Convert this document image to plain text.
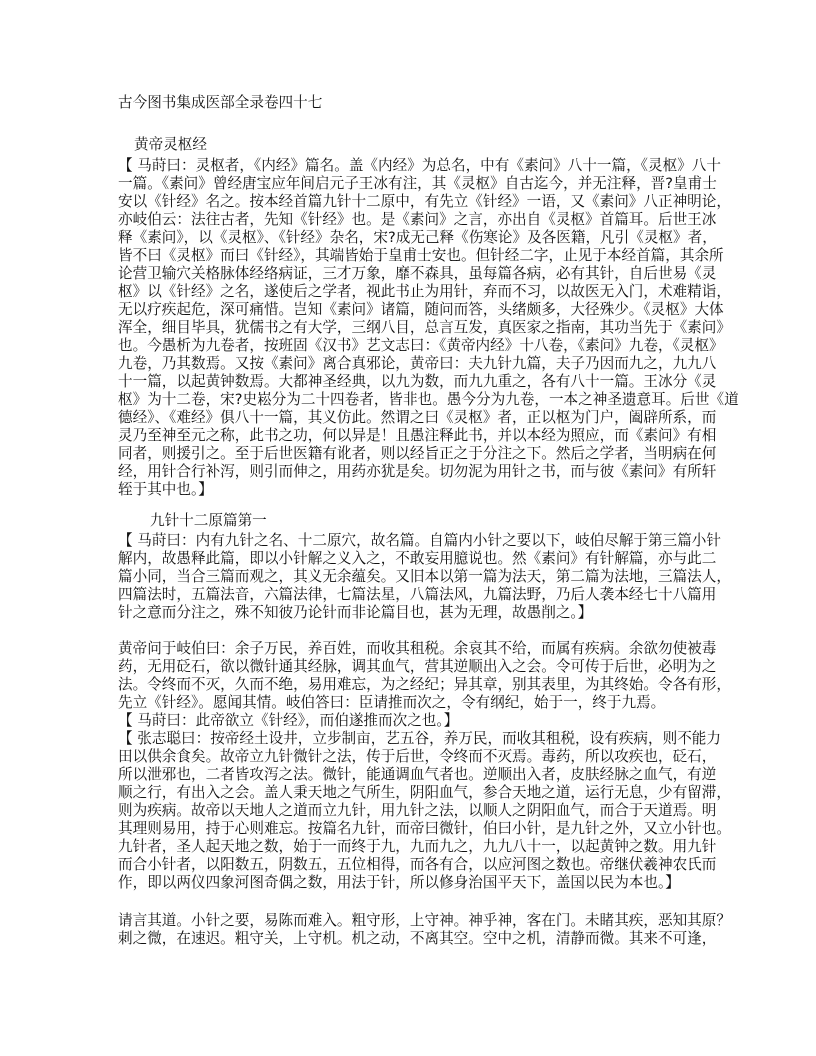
古今图书集成医部全录卷四十七
黄帝灵枢经
【 马莳曰：灵枢者，《内经》篇名。盖《内经》为总名，中有《素问》八十一篇，《灵枢》八十
一篇。《素问》曾经唐宝应年间启元子王冰有注，其《灵枢》自古迄今，并无注释，晋?皇甫士
安以《针经》名之。按本经首篇九针十二原中，有先立《针经》一语，又《素问》八正神明论，
亦岐伯云：法往古者，先知《针经》也。是《素问》之言，亦出自《灵枢》首篇耳。后世王冰
释《素问》，以《灵枢》、《针经》杂名，宋?成无己释《伤寒论》及各医籍，凡引《灵枢》者，
皆不曰《灵枢》而曰《针经》，其端皆始于皇甫士安也。但针经二字，止见于本经首篇，其余所
论营卫输穴关格脉体经络病证，三才万象，靡不森具，虽每篇各病，必有其针，自后世易《灵
枢》以《针经》之名，遂使后之学者，视此书止为用针，弃而不习，以故医无入门，术难精诣，
无以疗疾起危，深可痛惜。岂知《素问》诸篇，随问而答，头绪颇多，大径殊少。《灵枢》大体
浑全，细目毕具，犹儒书之有大学，三纲八目，总言互发，真医家之指南，其功当先于《素问》
也。今愚析为九卷者，按班固《汉书》艺文志曰：《黄帝内经》十八卷，《素问》九卷，《灵枢》
九卷，乃其数焉。又按《素问》离合真邪论，黄帝曰：夫九针九篇，夫子乃因而九之，九九八
十一篇，以起黄钟数焉。大都神圣经典，以九为数，而九九重之，各有八十一篇。王冰分《灵
枢》为十二卷，宋?史崧分为二十四卷者，皆非也。愚今分为九卷，一本之神圣遗意耳。后世《道
德经》、《难经》俱八十一篇，其义仿此。然谓之曰《灵枢》者，正以枢为门户，阖辟所系，而
灵乃至神至元之称，此书之功，何以异是！且愚注释此书，并以本经为照应，而《素问》有相
同者，则援引之。至于后世医籍有讹者，则以经旨正之于分注之下。然后之学者，当明病在何
经，用针合行补泻，则引而伸之，用药亦犹是矣。切勿泥为用针之书，而与彼《素问》有所轩
轾于其中也。】
九针十二原篇第一
【 马莳曰：内有九针之名、十二原穴，故名篇。自篇内小针之要以下，岐伯尽解于第三篇小针
解内，故愚释此篇，即以小针解之义入之，不敢妄用臆说也。然《素问》有针解篇，亦与此二
篇小同，当合三篇而观之，其义无余蕴矣。又旧本以第一篇为法天，第二篇为法地，三篇法人，
四篇法时，五篇法音，六篇法律，七篇法星，八篇法风，九篇法野，乃后人袭本经七十八篇用
针之意而分注之，殊不知彼乃论针而非论篇目也，甚为无理，故愚削之。】
黄帝问于岐伯曰：余子万民，养百姓，而收其租税。余哀其不给，而属有疾病。余欲勿使被毒
药，无用砭石，欲以微针通其经脉，调其血气，营其逆顺出入之会。令可传于后世，必明为之
法。令终而不灭，久而不绝，易用难忘，为之经纪；异其章，别其表里，为其终始。令各有形，
先立《针经》。愿闻其情。岐伯答曰：臣请推而次之，令有纲纪，始于一，终于九焉。
【 马莳曰：此帝欲立《针经》，而伯遂推而次之也。】
【 张志聪曰：按帝经土设井，立步制亩，艺五谷，养万民，而收其租税，设有疾病，则不能力
田以供余食矣。故帝立九针微针之法，传于后世，令终而不灭焉。毒药，所以攻疾也，砭石，
所以泄邪也，二者皆攻泻之法。微针，能通调血气者也。逆顺出入者，皮肤经脉之血气，有逆
顺之行，有出入之会。盖人秉天地之气所生，阴阳血气，参合天地之道，运行无息，少有留滞，
则为疾病。故帝以天地人之道而立九针，用九针之法，以顺人之阴阳血气，而合于天道焉。明
其理则易用，持于心则难忘。按篇名九针，而帝曰微针，伯曰小针，是九针之外，又立小针也。
九针者，圣人起天地之数，始于一而终于九，九而九之，九九八十一，以起黄钟之数。用九针
而合小针者，以阳数五，阴数五，五位相得，而各有合，以应河图之数也。帝继伏羲神农氏而
作，即以两仪四象河图奇偶之数，用法于针，所以修身治国平天下，盖国以民为本也。】
请言其道。小针之要，易陈而难入。粗守形，上守神。神乎神，客在门。未睹其疾，恶知其原？
刺之微，在速迟。粗守关，上守机。机之动，不离其空。空中之机，清静而微。其来不可逢，
